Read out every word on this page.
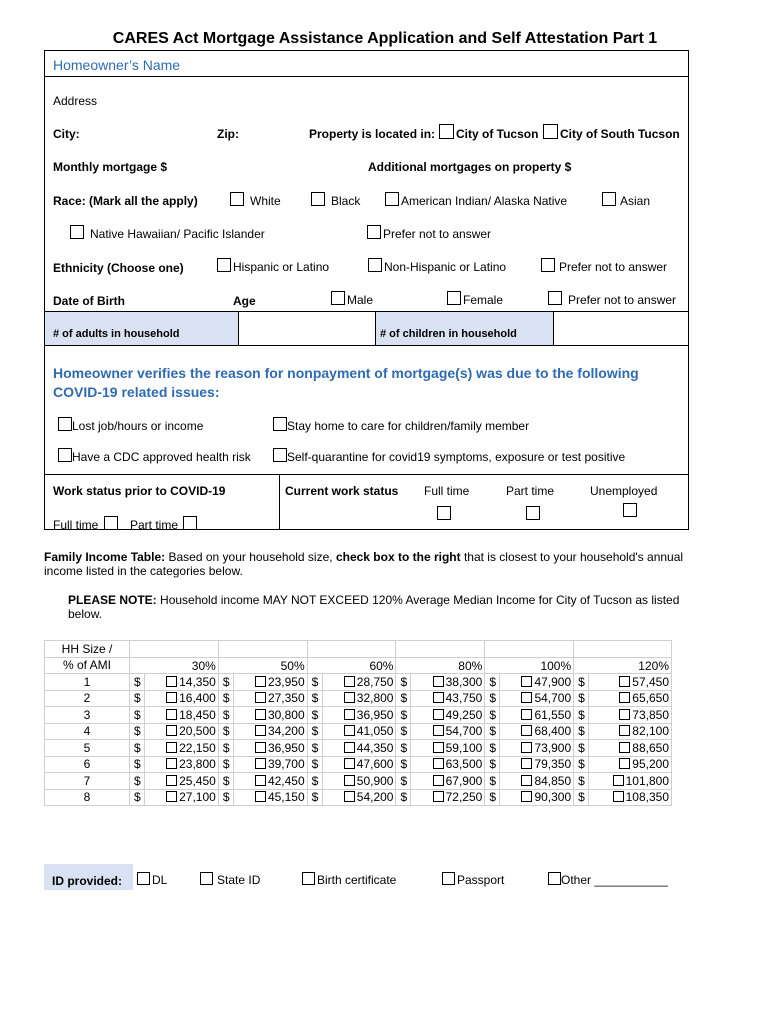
CARES Act Mortgage Assistance Application and Self Attestation Part 1
Homeowner’s Name
Address
City:	Zip:	Property is located in:	City of Tucson	City of South Tucson
Monthly mortgage $	Additional mortgages on property $
Race: (Mark all the apply)	White	Black	American Indian/ Alaska Native	Asian
Native Hawaiian/ Pacific Islander	Prefer not to answer
Ethnicity (Choose one)	Hispanic or Latino	Non-Hispanic or Latino	Prefer not to answer
Date of Birth	Age	Male	Female	Prefer not to answer
# of adults in household	# of children in household
Homeowner verifies the reason for nonpayment of mortgage(s) was due to the following COVID-19 related issues:
Lost job/hours or income	Stay home to care for children/family member
Have a CDC approved health risk	Self-quarantine for covid19 symptoms, exposure or test positive
Work status prior to COVID-19	Current work status Full time	Part time	Unemployed
Full time	Part time
Family Income Table: Based on your household size, check box to the right that is closest to your household's annual income listed in the categories below.
PLEASE NOTE: Household income MAY NOT EXCEED 120% Average Median Income for City of Tucson as listed below.
HH Size /												
% of AMI	30%		50%		60%		80%		100%		120%	
1	$	14,350	$	23,950	$	28,750	$	38,300	$	47,900	$	57,450
2	$	16,400	$	27,350	$	32,800	$	43,750	$	54,700	$	65,650
3	$	18,450	$	30,800	$	36,950	$	49,250	$	61,550	$	73,850
4	$	20,500	$	34,200	$	41,050	$	54,700	$	68,400	$	82,100
5	$	22,150	$	36,950	$	44,350	$	59,100	$	73,900	$	88,650
6	$	23,800	$	39,700	$	47,600	$	63,500	$	79,350	$	95,200
7	$	25,450	$	42,450	$	50,900	$	67,900	$	84,850	$	101,800
8	$	27,100	$	45,150	$	54,200	$	72,250	$	90,300	$	108,350
ID provided:	DL	State ID	Birth certificate	Passport	Other ___________
